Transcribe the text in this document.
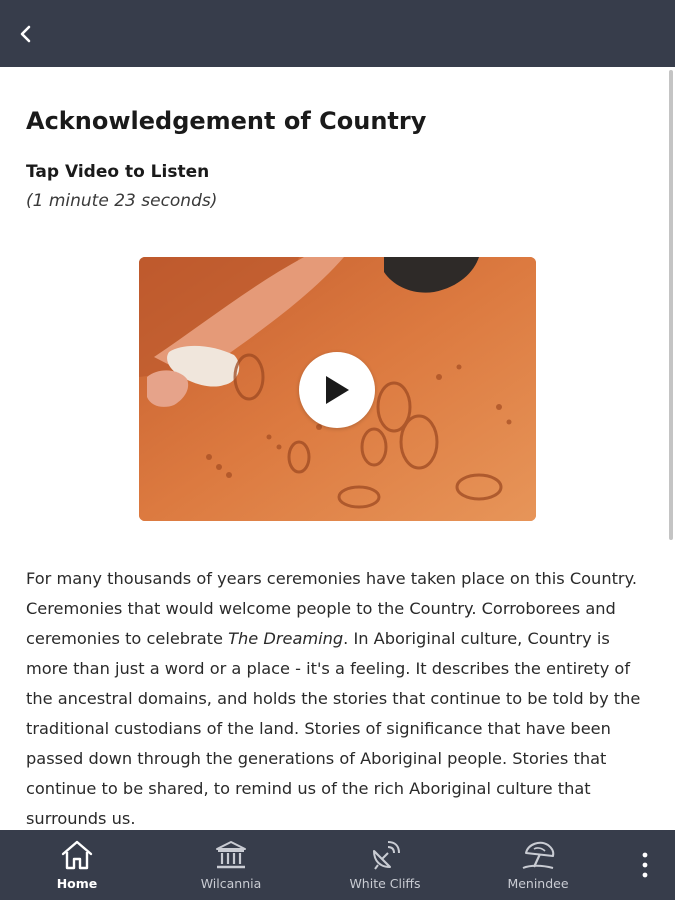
Acknowledgement of Country
Tap Video to Listen
(1 minute 23 seconds)

For many thousands of years ceremonies have taken place on this Country. Ceremonies that would welcome people to the Country. Corroborees and ceremonies to celebrate The Dreaming. In Aboriginal culture, Country is more than just a word or a place - it's a feeling. It describes the entirety of the ancestral domains, and holds the stories that continue to be told by the traditional custodians of the land. Stories of significance that have been passed down through the generations of Aboriginal people. Stories that continue to be shared, to remind us of the rich Aboriginal culture that surrounds us.

Home	Wilcannia	White Cliffs	Menindee
